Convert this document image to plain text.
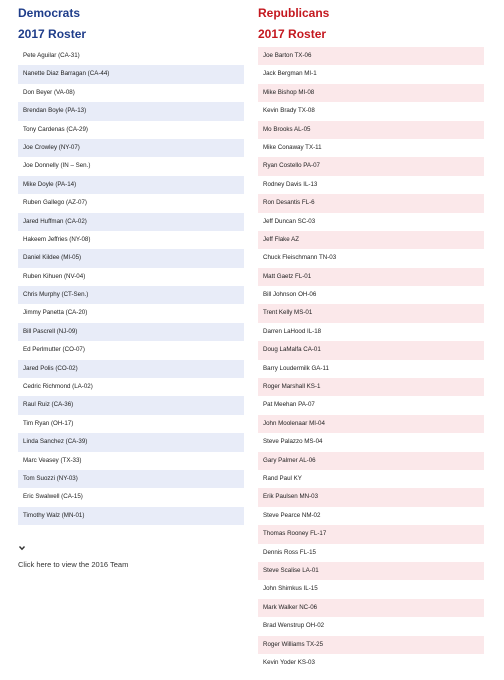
Democrats
2017 Roster
Pete Aguilar (CA-31)
Nanette Diaz Barragan (CA-44)
Don Beyer (VA-08)
Brendan Boyle (PA-13)
Tony Cardenas (CA-29)
Joe Crowley (NY-07)
Joe Donnelly (IN – Sen.)
Mike Doyle (PA-14)
Ruben Gallego (AZ-07)
Jared Huffman (CA-02)
Hakeem Jeffries (NY-08)
Daniel Kildee (MI-05)
Ruben Kihuen (NV-04)
Chris Murphy (CT-Sen.)
Jimmy Panetta (CA-20)
Bill Pascrell (NJ-09)
Ed Perlmutter (CO-07)
Jared Polis (CO-02)
Cedric Richmond (LA-02)
Raul Ruiz (CA-36)
Tim Ryan (OH-17)
Linda Sanchez (CA-39)
Marc Veasey (TX-33)
Tom Suozzi (NY-03)
Eric Swalwell (CA-15)
Timothy Walz (MN-01)
Republicans
2017 Roster
Joe Barton TX-06
Jack Bergman MI-1
Mike Bishop MI-08
Kevin Brady TX-08
Mo Brooks AL-05
Mike Conaway TX-11
Ryan Costello PA-07
Rodney Davis IL-13
Ron Desantis FL-6
Jeff Duncan SC-03
Jeff Flake AZ
Chuck Fleischmann TN-03
Matt Gaetz FL-01
Bill Johnson OH-06
Trent Kelly MS-01
Darren LaHood IL-18
Doug LaMalfa CA-01
Barry Loudermilk GA-11
Roger Marshall KS-1
Pat Meehan PA-07
John Moolenaar MI-04
Steve Palazzo MS-04
Gary Palmer AL-06
Rand Paul KY
Erik Paulsen MN-03
Steve Pearce NM-02
Thomas Rooney FL-17
Dennis Ross FL-15
Steve Scalise LA-01
John Shimkus IL-15
Mark Walker NC-06
Brad Wenstrup OH-02
Roger Williams TX-25
Kevin Yoder KS-03
Click here to view the 2016 Team
